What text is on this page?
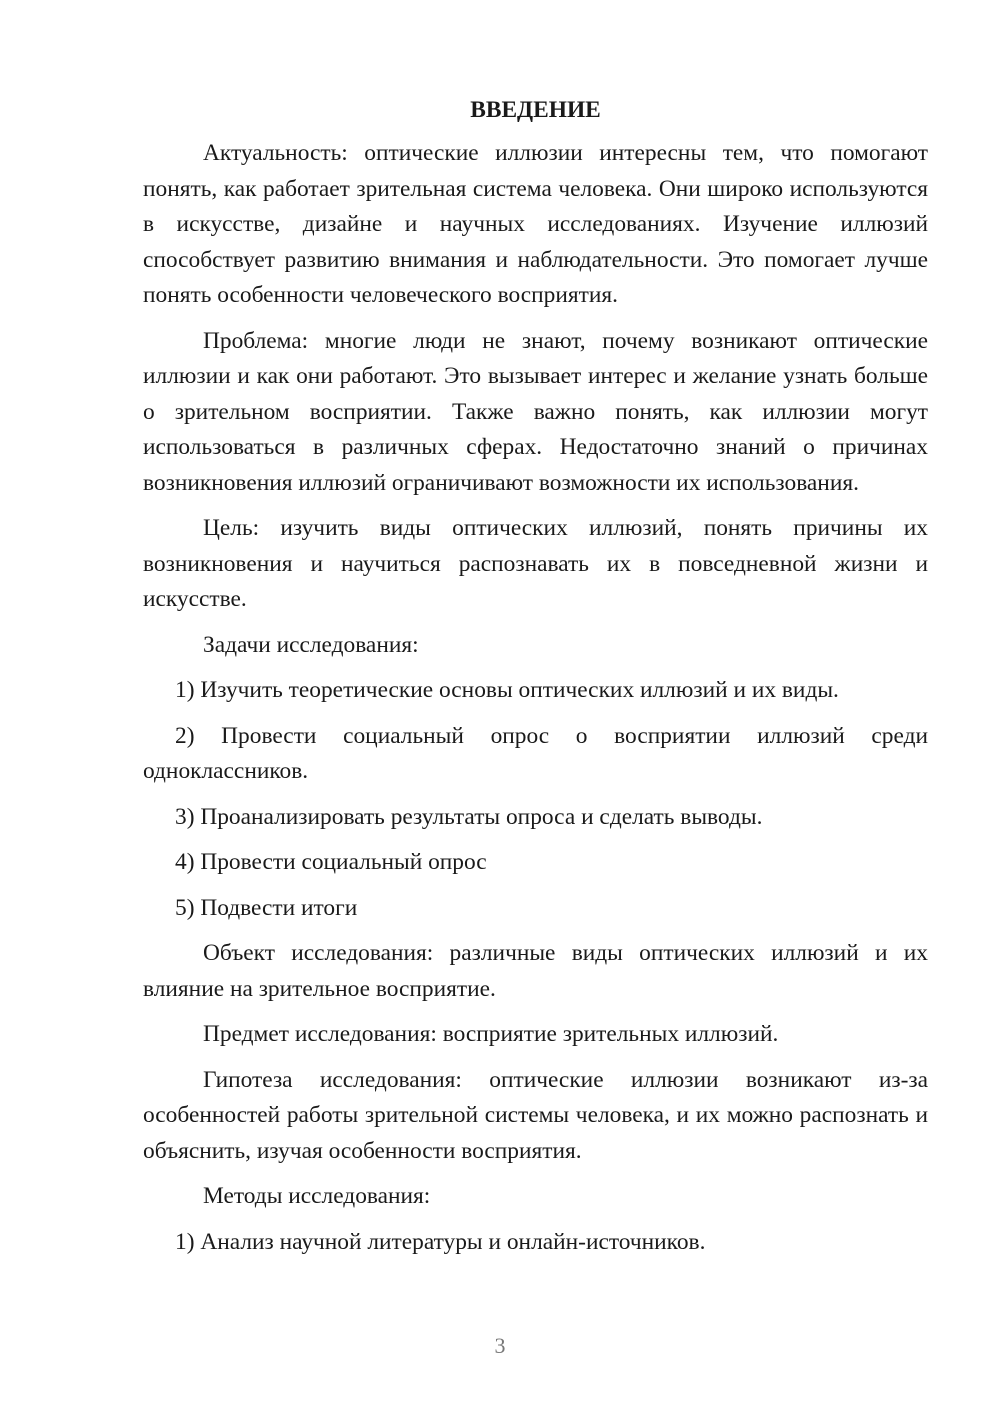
ВВЕДЕНИЕ

Актуальность: оптические иллюзии интересны тем, что помогают понять, как работает зрительная система человека. Они широко используются в искусстве, дизайне и научных исследованиях. Изучение иллюзий способствует развитию внимания и наблюдательности. Это помогает лучше понять особенности человеческого восприятия.

Проблема: многие люди не знают, почему возникают оптические иллюзии и как они работают. Это вызывает интерес и желание узнать больше о зрительном восприятии. Также важно понять, как иллюзии могут использоваться в различных сферах. Недостаточно знаний о причинах возникновения иллюзий ограничивают возможности их использования.

Цель: изучить виды оптических иллюзий, понять причины их возникновения и научиться распознавать их в повседневной жизни и искусстве.

Задачи исследования:

1) Изучить теоретические основы оптических иллюзий и их виды.

2) Провести социальный опрос о восприятии иллюзий среди одноклассников.

3) Проанализировать результаты опроса и сделать выводы.

4) Провести социальный опрос

5) Подвести итоги

Объект исследования: различные виды оптических иллюзий и их влияние на зрительное восприятие.

Предмет исследования: восприятие зрительных иллюзий.

Гипотеза исследования: оптические иллюзии возникают из-за особенностей работы зрительной системы человека, и их можно распознать и объяснить, изучая особенности восприятия.

Методы исследования:

1) Анализ научной литературы и онлайн-источников.

3
